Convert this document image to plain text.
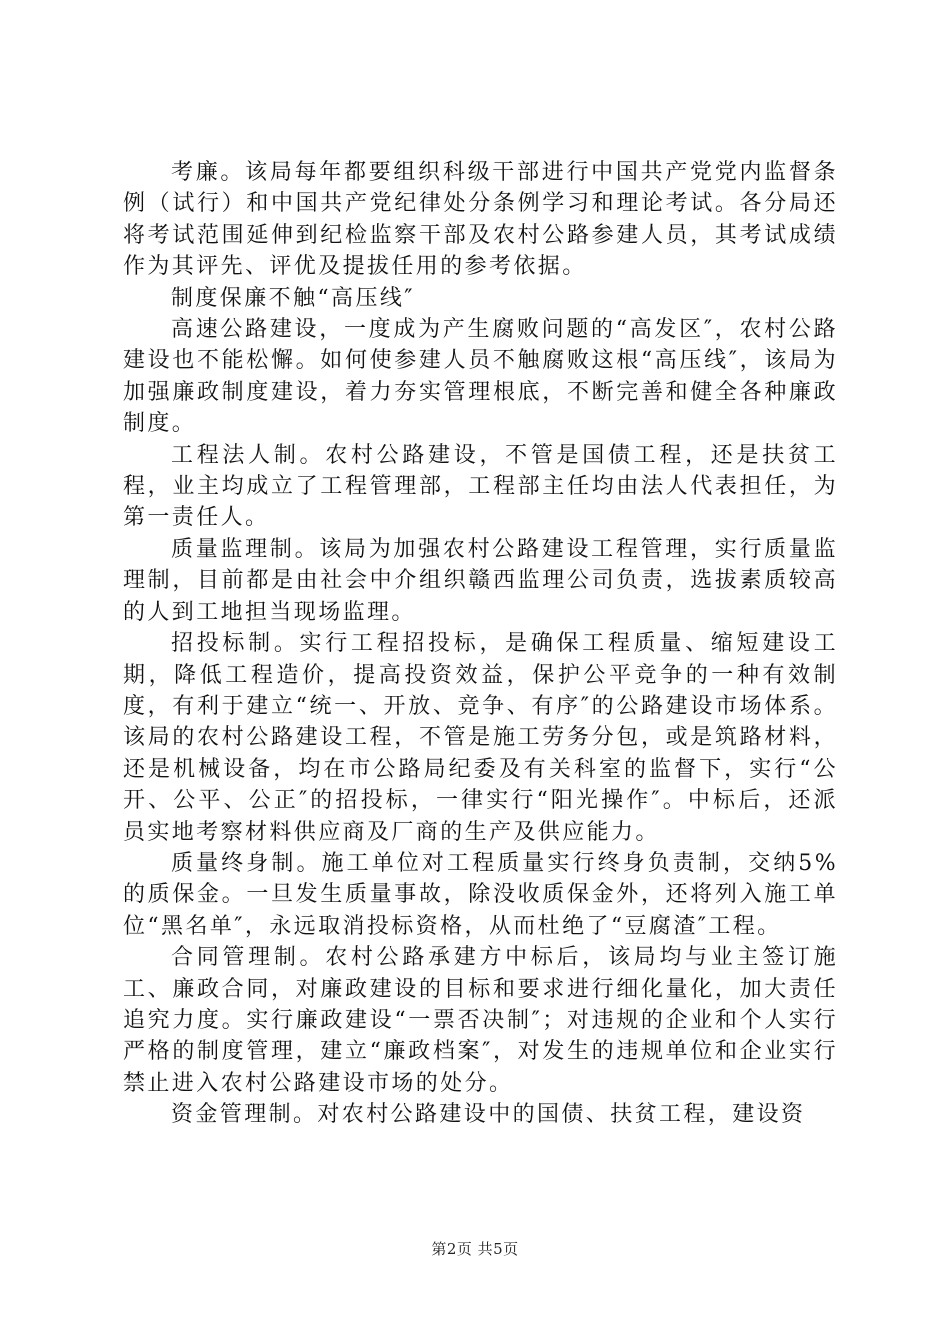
考廉。该局每年都要组织科级干部进行中国共产党党内监督条例（试行）和中国共产党纪律处分条例学习和理论考试。各分局还将考试范围延伸到纪检监察干部及农村公路参建人员，其考试成绩作为其评先、评优及提拔任用的参考依据。

制度保廉不触“高压线″

高速公路建设，一度成为产生腐败问题的“高发区″，农村公路建设也不能松懈。如何使参建人员不触腐败这根“高压线″，该局为加强廉政制度建设，着力夯实管理根底，不断完善和健全各种廉政制度。

工程法人制。农村公路建设，不管是国债工程，还是扶贫工程，业主均成立了工程管理部，工程部主任均由法人代表担任，为第一责任人。

质量监理制。该局为加强农村公路建设工程管理，实行质量监理制，目前都是由社会中介组织赣西监理公司负责，选拔素质较高的人到工地担当现场监理。

招投标制。实行工程招投标，是确保工程质量、缩短建设工期，降低工程造价，提高投资效益，保护公平竞争的一种有效制度，有利于建立“统一、开放、竞争、有序″的公路建设市场体系。该局的农村公路建设工程，不管是施工劳务分包，或是筑路材料，还是机械设备，均在市公路局纪委及有关科室的监督下，实行“公开、公平、公正″的招投标，一律实行“阳光操作″。中标后，还派员实地考察材料供应商及厂商的生产及供应能力。

质量终身制。施工单位对工程质量实行终身负责制，交纳5%的质保金。一旦发生质量事故，除没收质保金外，还将列入施工单位“黑名单″，永远取消投标资格，从而杜绝了“豆腐渣″工程。

合同管理制。农村公路承建方中标后，该局均与业主签订施工、廉政合同，对廉政建设的目标和要求进行细化量化，加大责任追究力度。实行廉政建设“一票否决制″；对违规的企业和个人实行严格的制度管理，建立“廉政档案″，对发生的违规单位和企业实行禁止进入农村公路建设市场的处分。

资金管理制。对农村公路建设中的国债、扶贫工程，建设资

第2页 共5页
